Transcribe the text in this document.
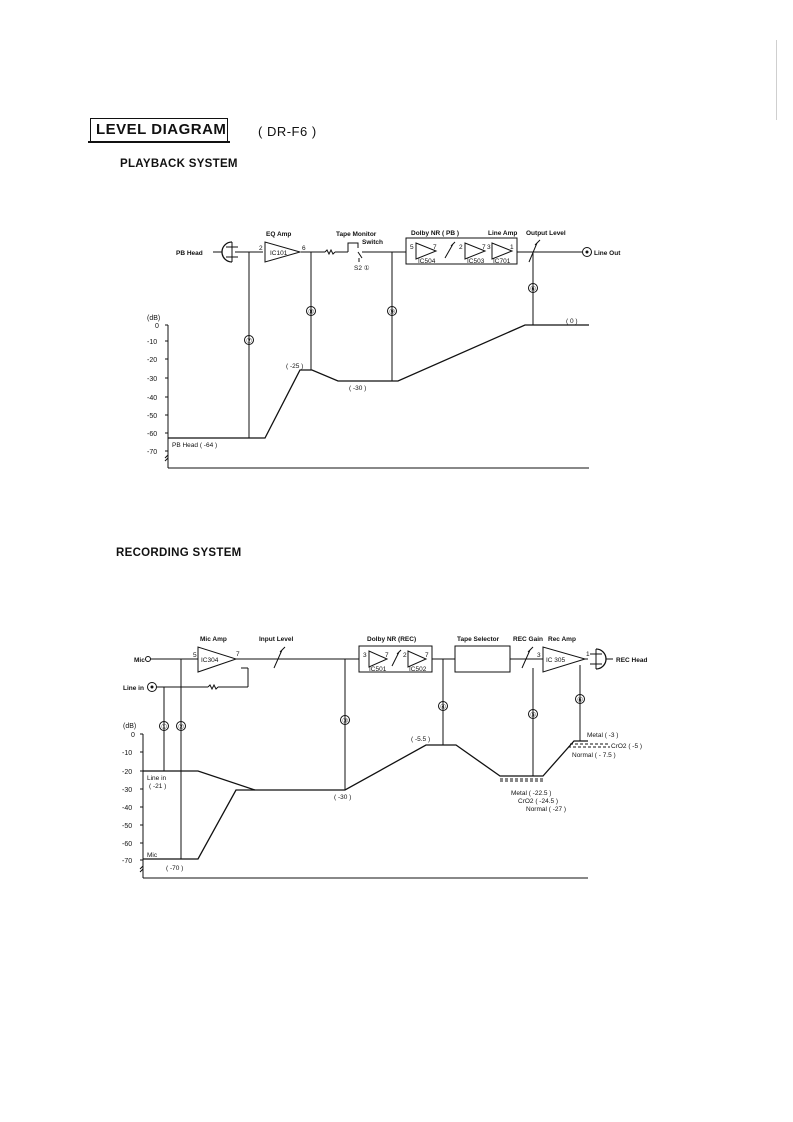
LEVEL DIAGRAM ( DR-F6 )
PLAYBACK SYSTEM
RECORDING SYSTEM
PB Head
EQ Amp
IC101
2	6
Tape Monitor
Switch
S2 ①
Dolby NR ( PB )	Line Amp Output Level
IC504	IC503 IC701
5	7	2	7 3	1
Line Out
⑦
⑧	⑨
⑥
(dB)
0
-10
-20
-30
-40
-50
-60
-70
PB Head ( -64 )
( -25 )
( -30 )
( 0 )
Mic
Line in
Mic Amp
IC304
5	7
Input Level	Dolby NR (REC)
IC501	IC502
3	7 2	7
Tape Selector REC Gain Rec Amp
IC 305
3	1
REC Head
① ②
③
④
⑤
⑥
(dB)
0
-10
-20
-30
-40
-50
-60
-70
Line in
( -21 )
Mic
( -70 )
( -30 )
( -5.5 )
Metal ( -22.5 )
CrO2 ( -24.5 )
Normal ( -27 )
Metal ( -3 )
CrO2 ( -5 )
Normal ( - 7.5 )
